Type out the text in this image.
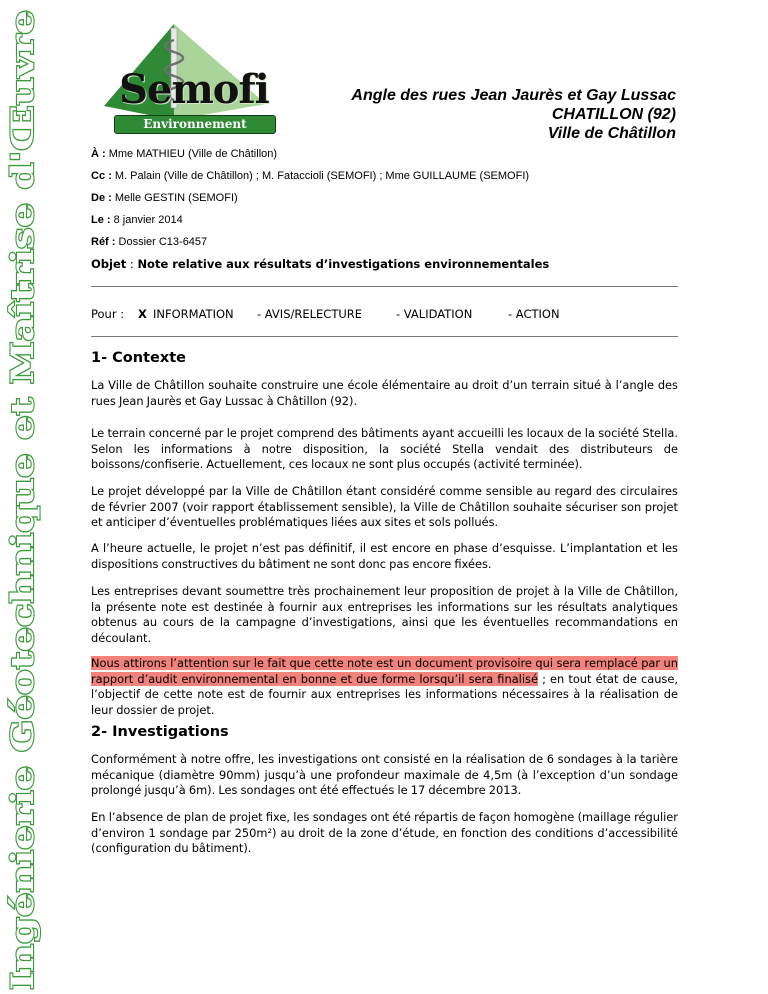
Ingénierie Géotechnique et Maîtrise d'Œuvre
Semofi
Environnement
Angle des rues Jean Jaurès et Gay Lussac
CHATILLON (92)
Ville de Châtillon
À : Mme MATHIEU (Ville de Châtillon)
Cc : M. Palain (Ville de Châtillon) ; M. Fataccioli (SEMOFI) ; Mme GUILLAUME (SEMOFI)
De : Melle GESTIN (SEMOFI)
Le : 8 janvier 2014
Réf : Dossier C13-6457
Objet : Note relative aux résultats d’investigations environnementales
Pour : X INFORMATION - AVIS/RELECTURE	- VALIDATION	- ACTION
1- Contexte

La Ville de Châtillon souhaite construire une école élémentaire au droit d’un terrain situé à l’angle des rues Jean Jaurès et Gay Lussac à Châtillon (92).

Le terrain concerné par le projet comprend des bâtiments ayant accueilli les locaux de la société Stella. Selon les informations à notre disposition, la société Stella vendait des distributeurs de boissons/confiserie. Actuellement, ces locaux ne sont plus occupés (activité terminée).

Le projet développé par la Ville de Châtillon étant considéré comme sensible au regard des circulaires de février 2007 (voir rapport établissement sensible), la Ville de Châtillon souhaite sécuriser son projet et anticiper d’éventuelles problématiques liées aux sites et sols pollués.

A l’heure actuelle, le projet n’est pas définitif, il est encore en phase d’esquisse. L’implantation et les dispositions constructives du bâtiment ne sont donc pas encore fixées.

Les entreprises devant soumettre très prochainement leur proposition de projet à la Ville de Châtillon, la présente note est destinée à fournir aux entreprises les informations sur les résultats analytiques obtenus au cours de la campagne d’investigations, ainsi que les éventuelles recommandations en découlant.

Nous attirons l’attention sur le fait que cette note est un document provisoire qui sera remplacé par un rapport d’audit environnemental en bonne et due forme lorsqu’il sera finalisé ; en tout état de cause, l’objectif de cette note est de fournir aux entreprises les informations nécessaires à la réalisation de leur dossier de projet.

2- Investigations

Conformément à notre offre, les investigations ont consisté en la réalisation de 6 sondages à la tarière mécanique (diamètre 90mm) jusqu’à une profondeur maximale de 4,5m (à l’exception d’un sondage prolongé jusqu’à 6m). Les sondages ont été effectués le 17 décembre 2013.

En l’absence de plan de projet fixe, les sondages ont été répartis de façon homogène (maillage régulier d’environ 1 sondage par 250m²) au droit de la zone d’étude, en fonction des conditions d’accessibilité (configuration du bâtiment).
